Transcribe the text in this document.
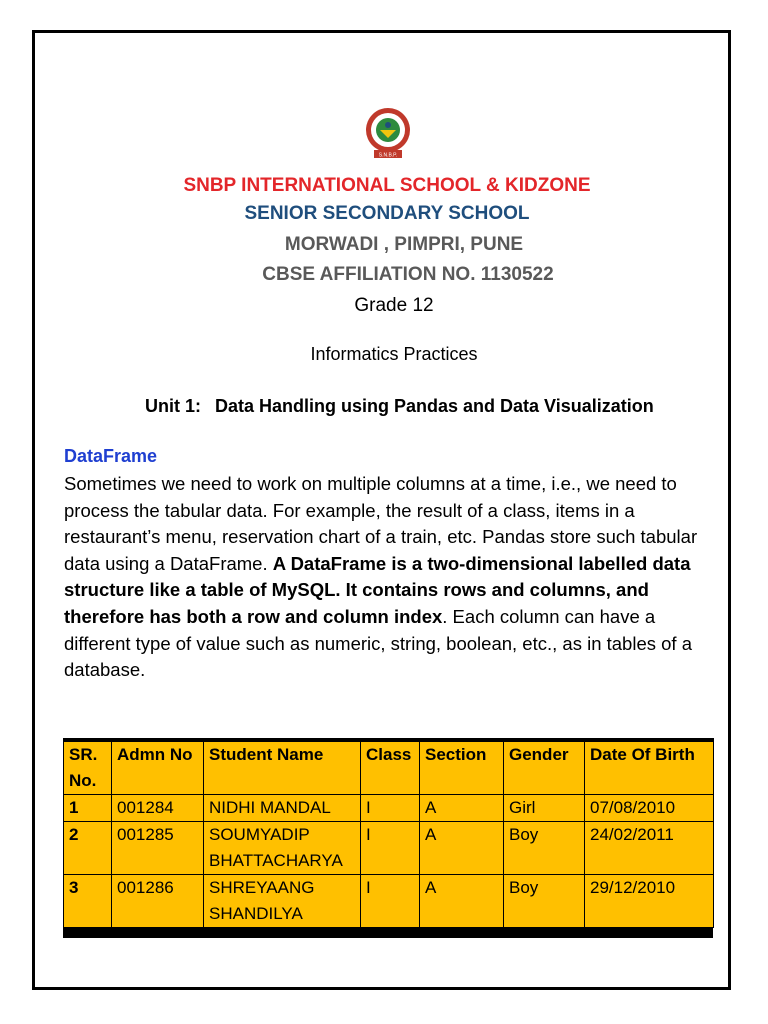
S.N.B.P.
SNBP INTERNATIONAL SCHOOL & KIDZONE
SENIOR SECONDARY SCHOOL
MORWADI , PIMPRI, PUNE
CBSE AFFILIATION NO. 1130522
Grade 12
Informatics Practices
Unit 1: Data Handling using Pandas and Data Visualization
DataFrame
Sometimes we need to work on multiple columns at a time, i.e., we need to process the tabular data. For example, the result of a class, items in a restaurant’s menu, reservation chart of a train, etc. Pandas store such tabular data using a DataFrame. A DataFrame is a two-dimensional labelled data structure like a table of MySQL. It contains rows and columns, and therefore has both a row and column index. Each column can have a different type of value such as numeric, string, boolean, etc., as in tables of a database.
SR. No.	Admn No	Student Name	Class	Section	Gender	Date Of Birth
1	001284	NIDHI MANDAL	I	A	Girl	07/08/2010
2	001285	SOUMYADIP BHATTACHARYA	I	A	Boy	24/02/2011
3	001286	SHREYAANG SHANDILYA	I	A	Boy	29/12/2010
